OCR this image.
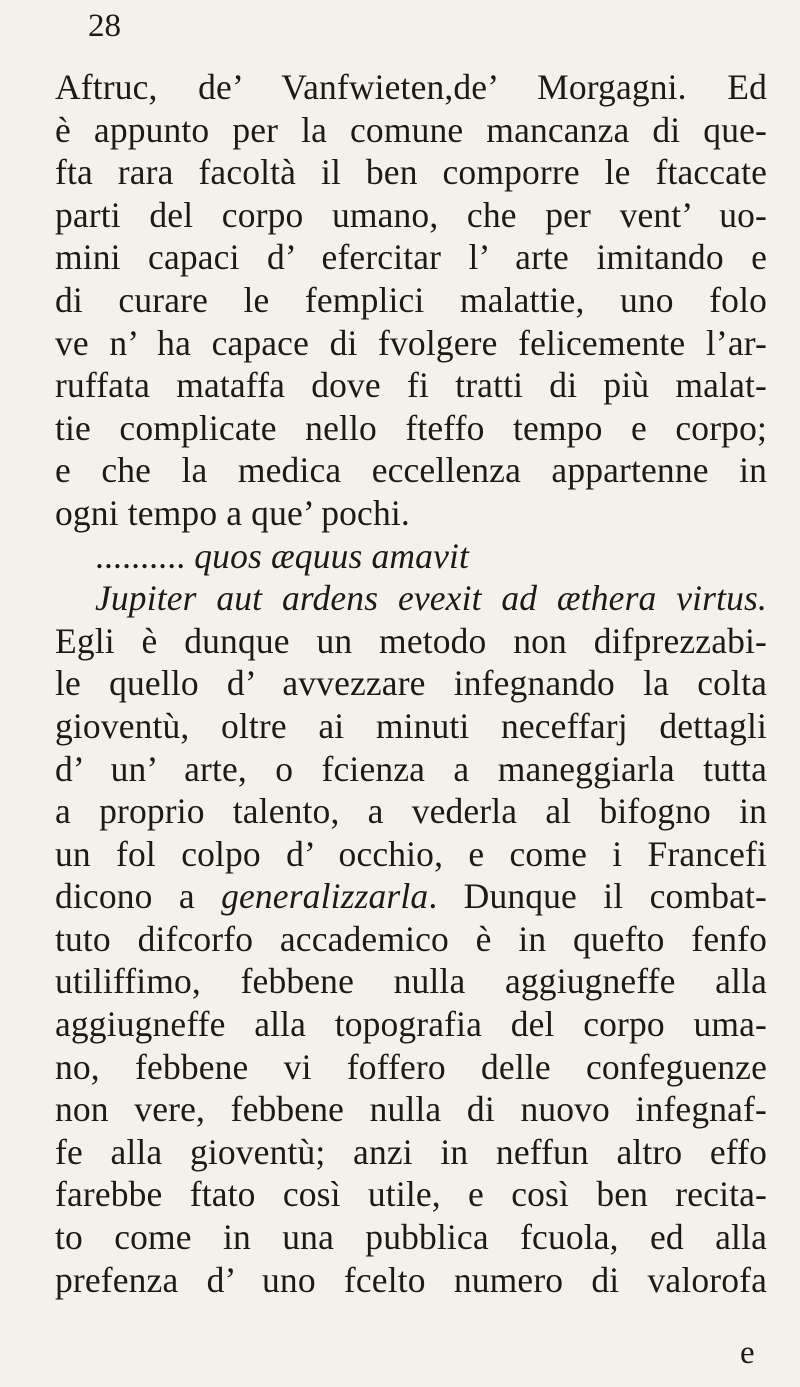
28
Aftruc, de’ Vanfwieten,de’ Morgagni. Ed
è appunto per la comune mancanza di que-
fta rara facoltà il ben comporre le ftaccate
parti del corpo umano, che per vent’ uo-
mini capaci d’ efercitar l’ arte imitando e
di curare le femplici malattie, uno folo
ve n’ ha capace di fvolgere felicemente l’ar-
ruffata mataffa dove fi tratti di più malat-
tie complicate nello fteffo tempo e corpo;
e che la medica eccellenza appartenne in
ogni tempo a que’ pochi.
.......... quos æquus amavit
Jupiter aut ardens evexit ad æthera virtus.
Egli è dunque un metodo non difprezzabi-
le quello d’ avvezzare infegnando la colta
gioventù, oltre ai minuti neceffarj dettagli
d’ un’ arte, o fcienza a maneggiarla tutta
a proprio talento, a vederla al bifogno in
un fol colpo d’ occhio, e come i Francefi
dicono a generalizzarla. Dunque il combat-
tuto difcorfo accademico è in quefto fenfo
utiliffimo, febbene nulla aggiugneffe alla
aggiugneffe alla topografia del corpo uma-
no, febbene vi foffero delle confeguenze
non vere, febbene nulla di nuovo infegnaf-
fe alla gioventù; anzi in neffun altro effo
farebbe ftato così utile, e così ben recita-
to come in una pubblica fcuola, ed alla
prefenza d’ uno fcelto numero di valorofa
e
